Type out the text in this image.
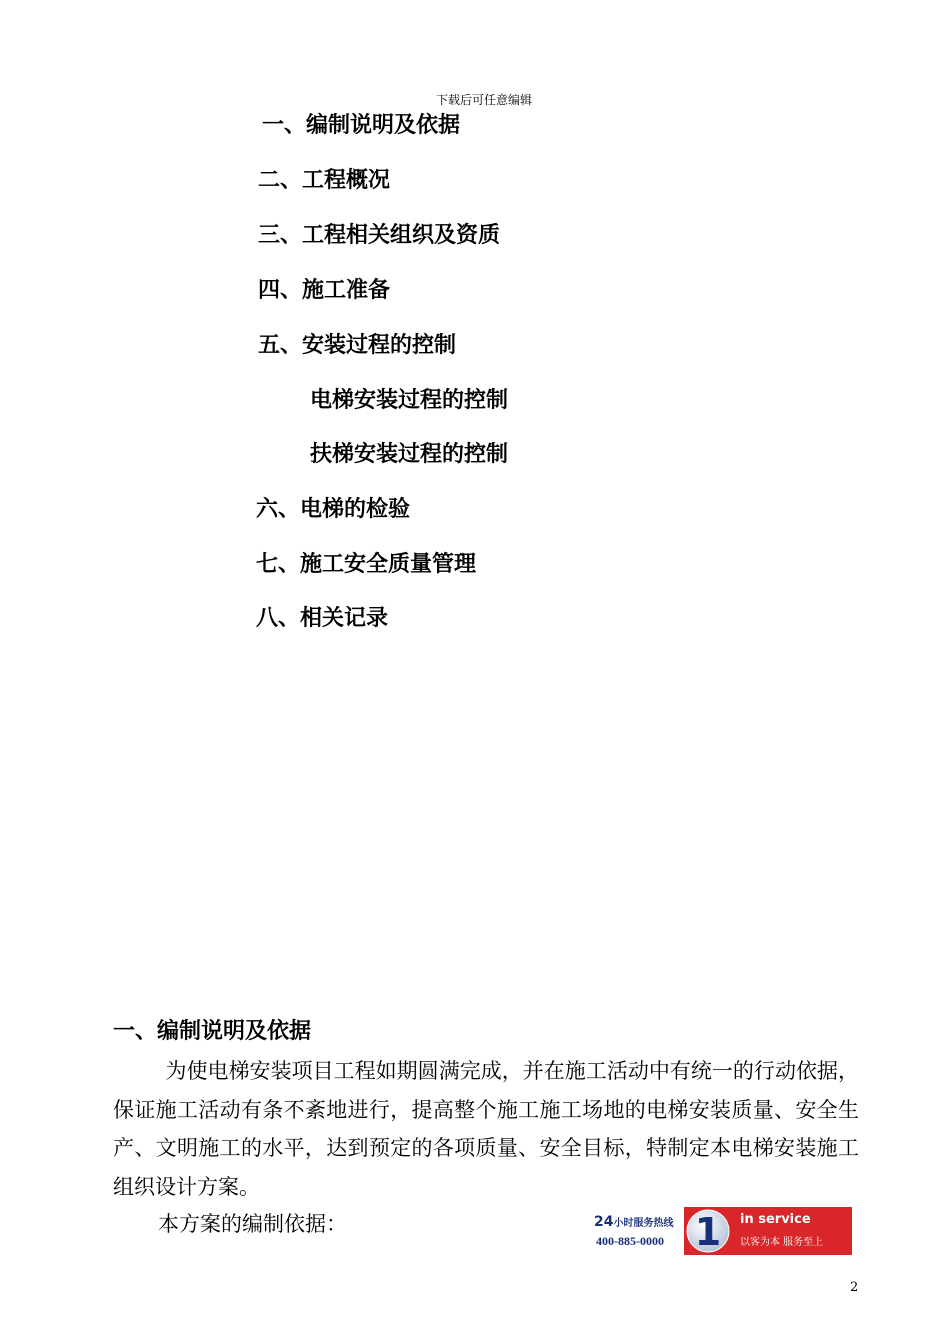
下载后可任意编辑
一、编制说明及依据
二、工程概况
三、工程相关组织及资质
四、施工准备
五、安装过程的控制
电梯安装过程的控制
扶梯安装过程的控制
六、电梯的检验
七、施工安全质量管理
八、相关记录
一、编制说明及依据
为使电梯安装项目工程如期圆满完成，并在施工活动中有统一的行动依据，保证施工活动有条不紊地进行，提高整个施工施工场地的电梯安装质量、安全生产、文明施工的水平，达到预定的各项质量、安全目标，特制定本电梯安装施工组织设计方案。
本方案的编制依据：	24小时服务热线
400-885-0000 1 in service
以客为本 服务至上
2
